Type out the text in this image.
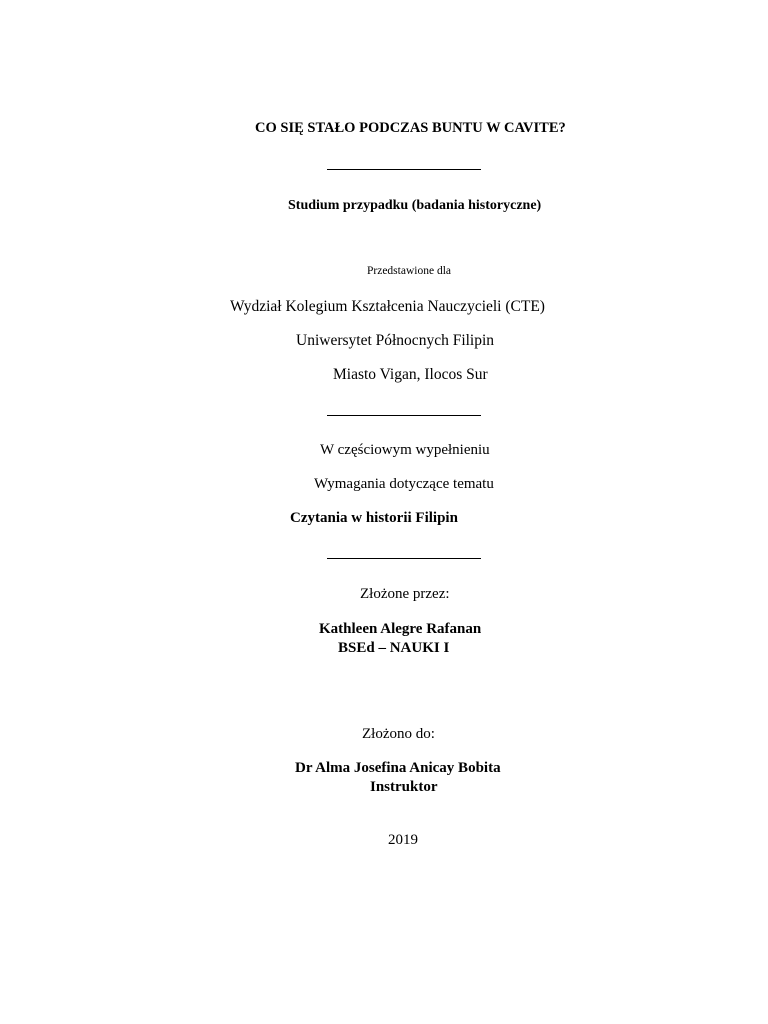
CO SIĘ STAŁO PODCZAS BUNTU W CAVITE?
Studium przypadku (badania historyczne)
Przedstawione dla
Wydział Kolegium Kształcenia Nauczycieli (CTE)
Uniwersytet Północnych Filipin
Miasto Vigan, Ilocos Sur
W częściowym wypełnieniu
Wymagania dotyczące tematu
Czytania w historii Filipin
Złożone przez:
Kathleen Alegre Rafanan
BSEd – NAUKI I
Złożono do:
Dr Alma Josefina Anicay Bobita
Instruktor
2019
